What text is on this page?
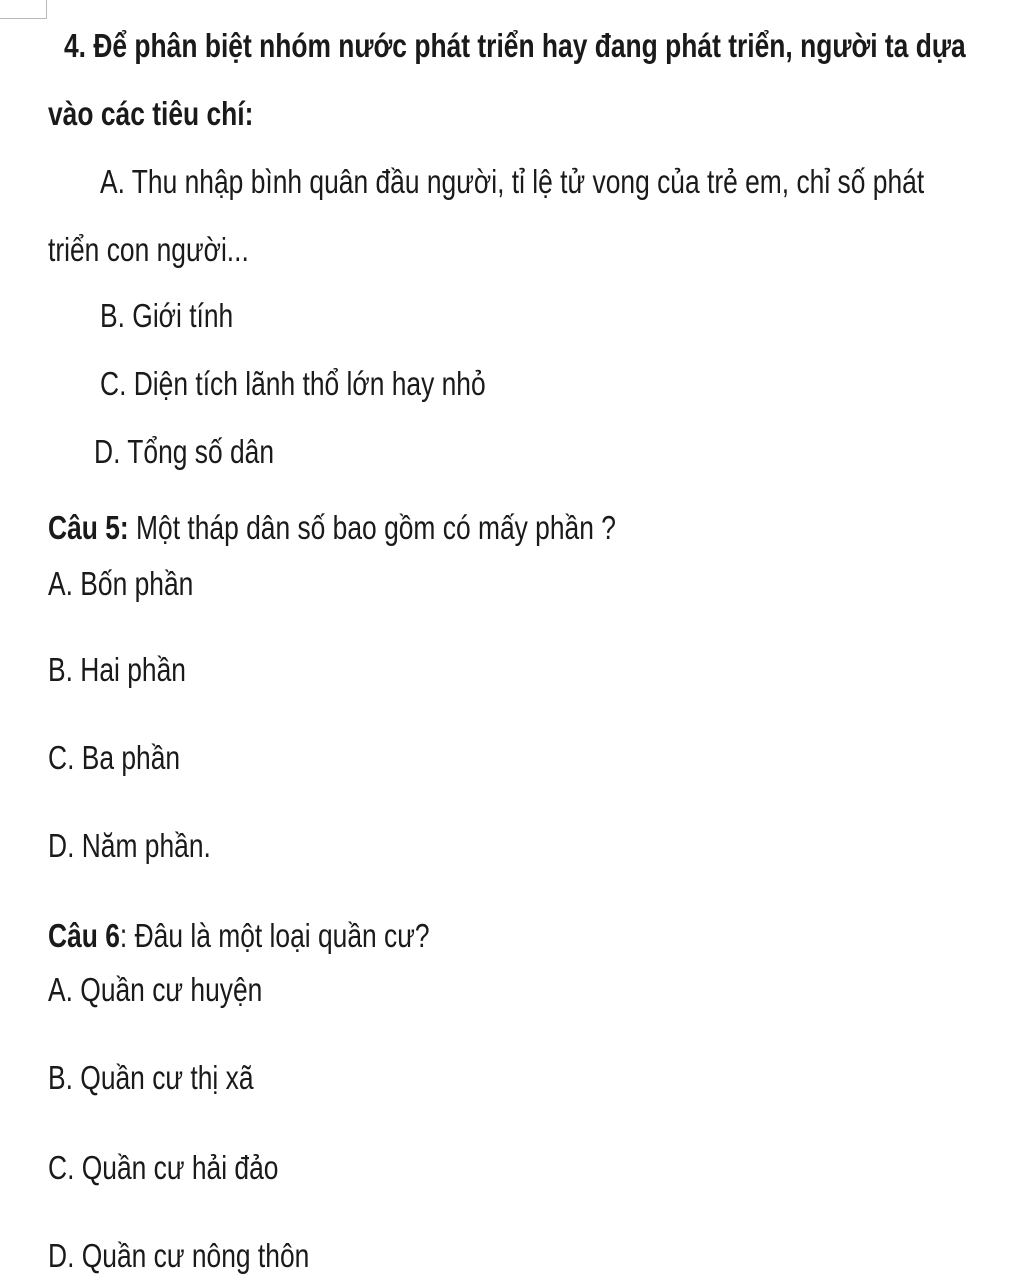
4. Để phân biệt nhóm nước phát triển hay đang phát triển, người ta dựa
vào các tiêu chí:
A. Thu nhập bình quân đầu người, tỉ lệ tử vong của trẻ em, chỉ số phát
triển con người...
B. Giới tính
C. Diện tích lãnh thổ lớn hay nhỏ
D. Tổng số dân
Câu 5: Một tháp dân số bao gồm có mấy phần ?
A. Bốn phần
B. Hai phần
C. Ba phần
D. Năm phần.
Câu 6: Đâu là một loại quần cư?
A. Quần cư huyện
B. Quần cư thị xã
C. Quần cư hải đảo
D. Quần cư nông thôn
